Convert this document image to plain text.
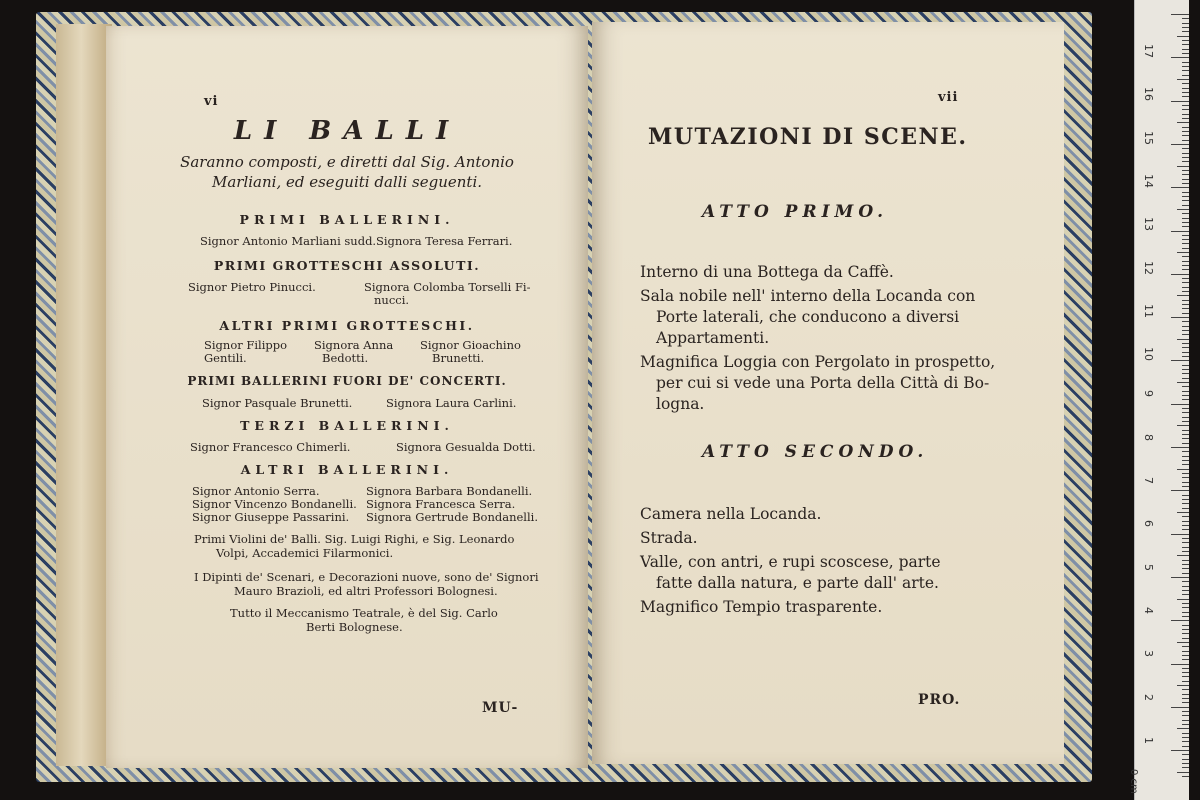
vi
LI BALLI
Saranno composti, e diretti dal Sig. Antonio
Marliani, ed eseguiti dalli seguenti.
PRIMI BALLERINI.
Signor Antonio Marliani sudd. Signora Teresa Ferrari.
PRIMI GROTTESCHI ASSOLUTI.
Signor Pietro Pinucci.	Signora Colomba Torselli Fi-
nucci.
ALTRI PRIMI GROTTESCHI.
Signor Filippo Signora Anna Signor Gioachino
Gentili.	Bedotti.	Brunetti.
PRIMI BALLERINI FUORI DE' CONCERTI.
Signor Pasquale Brunetti.	Signora Laura Carlini.
TERZI BALLERINI.
Signor Francesco Chimerli.	Signora Gesualda Dotti.
ALTRI BALLERINI.
Signor Antonio Serra.	Signora Barbara Bondanelli.
Signor Vincenzo Bondanelli. Signora Francesca Serra.
Signor Giuseppe Passarini. Signora Gertrude Bondanelli.
Primi Violini de' Balli. Sig. Luigi Righi, e Sig. Leonardo
Volpi, Accademici Filarmonici.
I Dipinti de' Scenari, e Decorazioni nuove, sono de' Signori
Mauro Brazioli, ed altri Professori Bolognesi.
Tutto il Meccanismo Teatrale, è del Sig. Carlo
Berti Bolognese.
MU-
vii
MUTAZIONI DI SCENE.
ATTO PRIMO.
Interno di una Bottega da Caffè.
Sala nobile nell' interno della Locanda con
Porte laterali, che conducono a diversi
Appartamenti.
Magnifica Loggia con Pergolato in prospetto,
per cui si vede una Porta della Città di Bo-
logna.
ATTO SECONDO.
Camera nella Locanda.
Strada.
Valle, con antri, e rupi scoscese, parte
fatte dalla natura, e parte dall' arte.
Magnifico Tempio trasparente.
PRO.
0 cm
17
16
15
14
13
12
11
10
9
8
7
6
5
4
3
2
1
